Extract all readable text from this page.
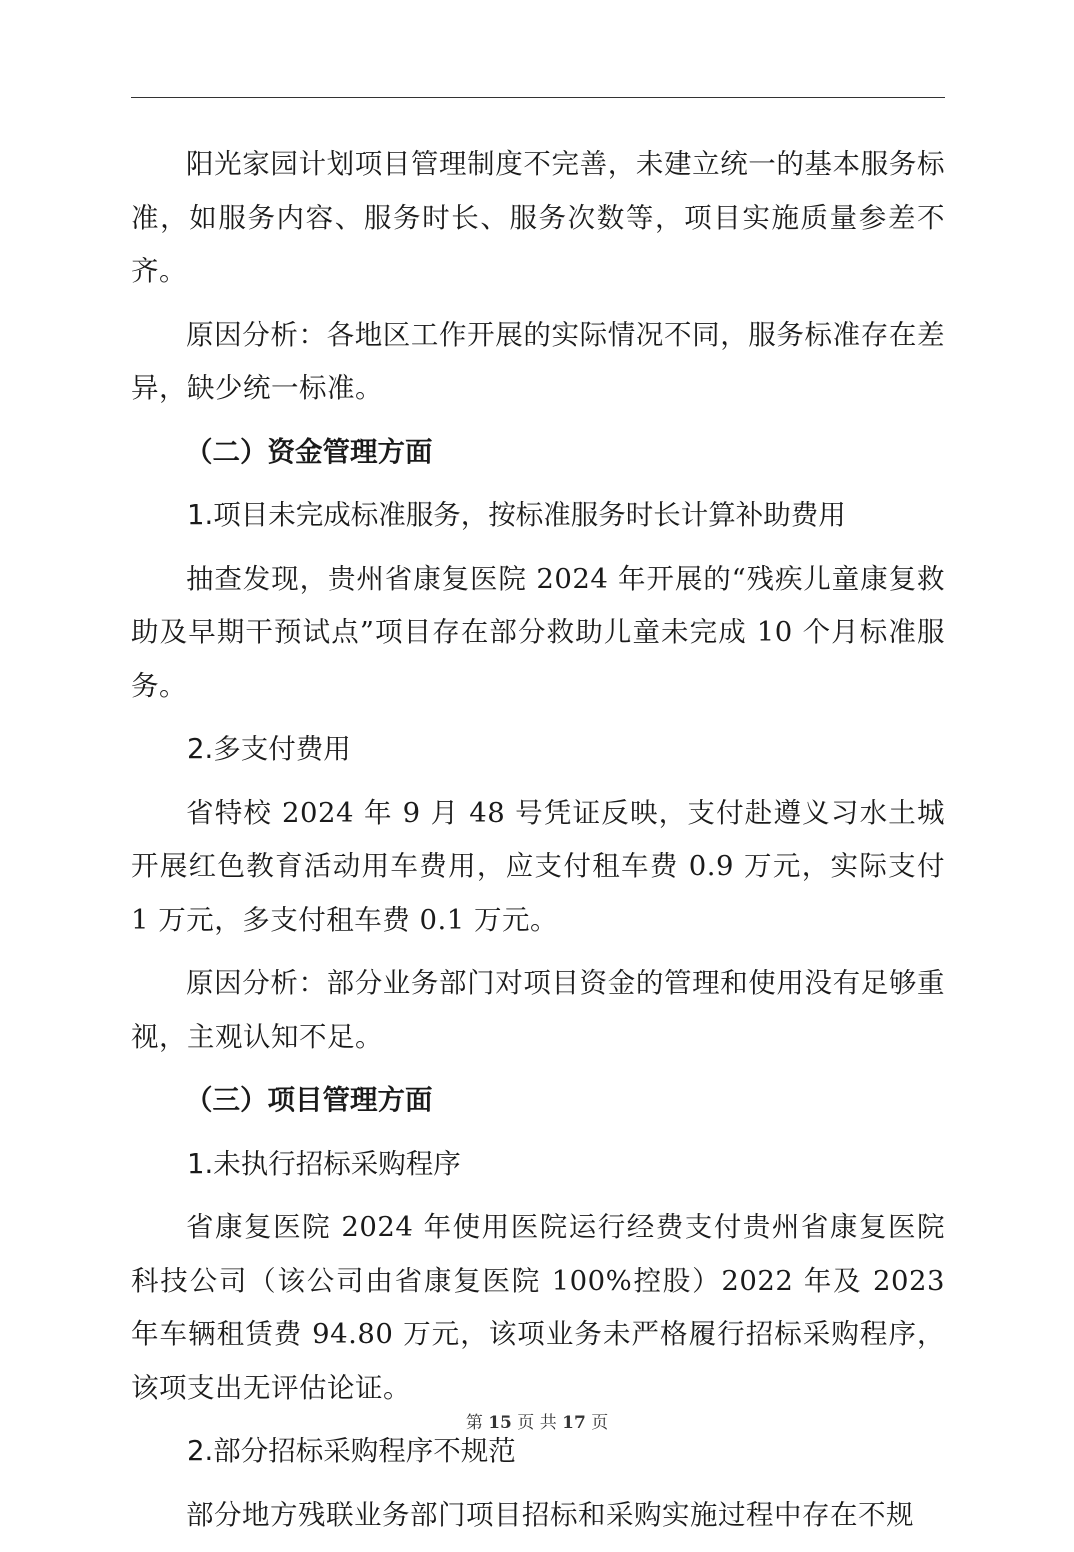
阳光家园计划项目管理制度不完善，未建立统一的基本服务标准，如服务内容、服务时长、服务次数等，项目实施质量参差不齐。

原因分析：各地区工作开展的实际情况不同，服务标准存在差异，缺少统一标准。

（二）资金管理方面
1.项目未完成标准服务，按标准服务时长计算补助费用

抽查发现，贵州省康复医院 2024 年开展的“残疾儿童康复救助及早期干预试点”项目存在部分救助儿童未完成 10 个月标准服务。

2.多支付费用

省特校 2024 年 9 月 48 号凭证反映，支付赴遵义习水土城开展红色教育活动用车费用，应支付租车费 0.9 万元，实际支付 1 万元，多支付租车费 0.1 万元。

原因分析：部分业务部门对项目资金的管理和使用没有足够重视，主观认知不足。

（三）项目管理方面
1.未执行招标采购程序

省康复医院 2024 年使用医院运行经费支付贵州省康复医院科技公司（该公司由省康复医院 100%控股）2022 年及 2023 年车辆租赁费 94.80 万元，该项业务未严格履行招标采购程序，该项支出无评估论证。

2.部分招标采购程序不规范

部分地方残联业务部门项目招标和采购实施过程中存在不规

第 15 页 共 17 页
